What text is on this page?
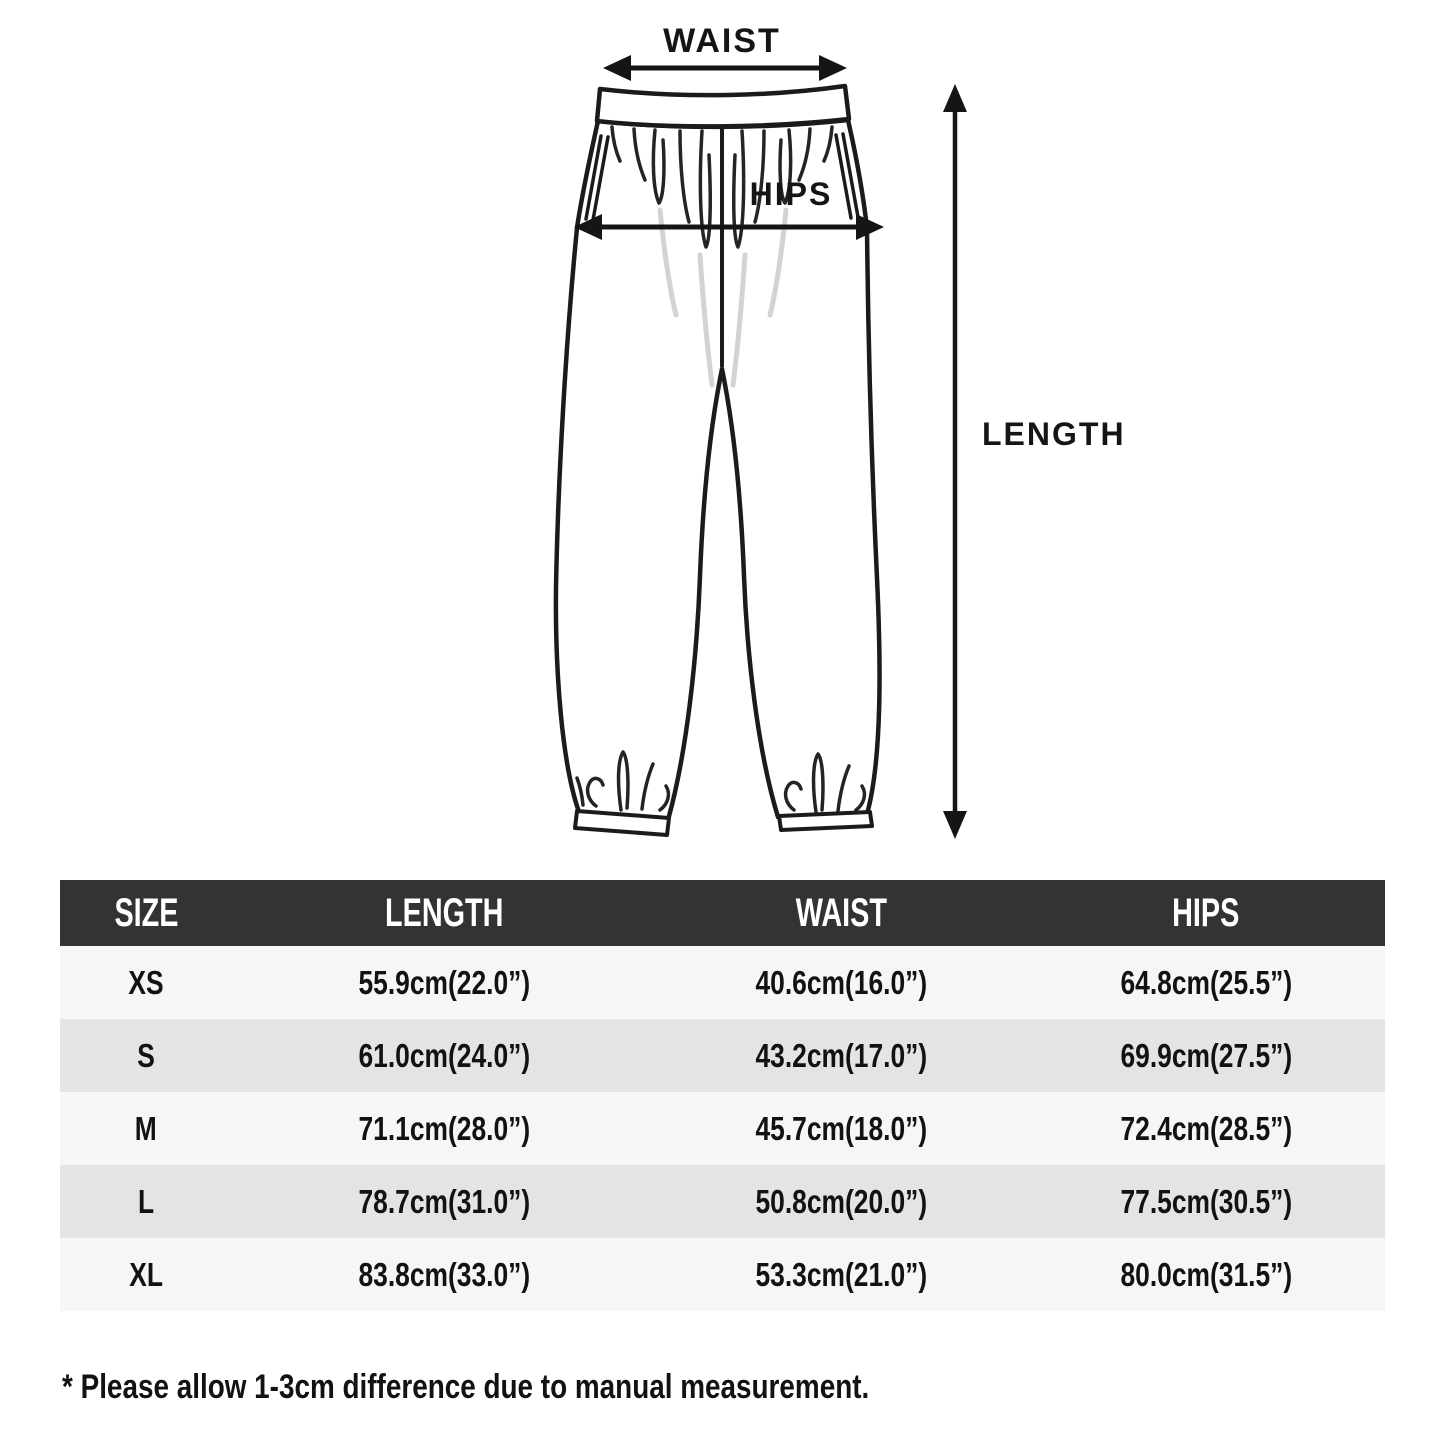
WAIST
HIPS
LENGTH
SIZE	LENGTH	WAIST	HIPS
XS	55.9cm(22.0”)	40.6cm(16.0”)	64.8cm(25.5”)
S	61.0cm(24.0”)	43.2cm(17.0”)	69.9cm(27.5”)
M	71.1cm(28.0”)	45.7cm(18.0”)	72.4cm(28.5”)
L	78.7cm(31.0”)	50.8cm(20.0”)	77.5cm(30.5”)
XL	83.8cm(33.0”)	53.3cm(21.0”)	80.0cm(31.5”)
* Please allow 1-3cm difference due to manual measurement.
